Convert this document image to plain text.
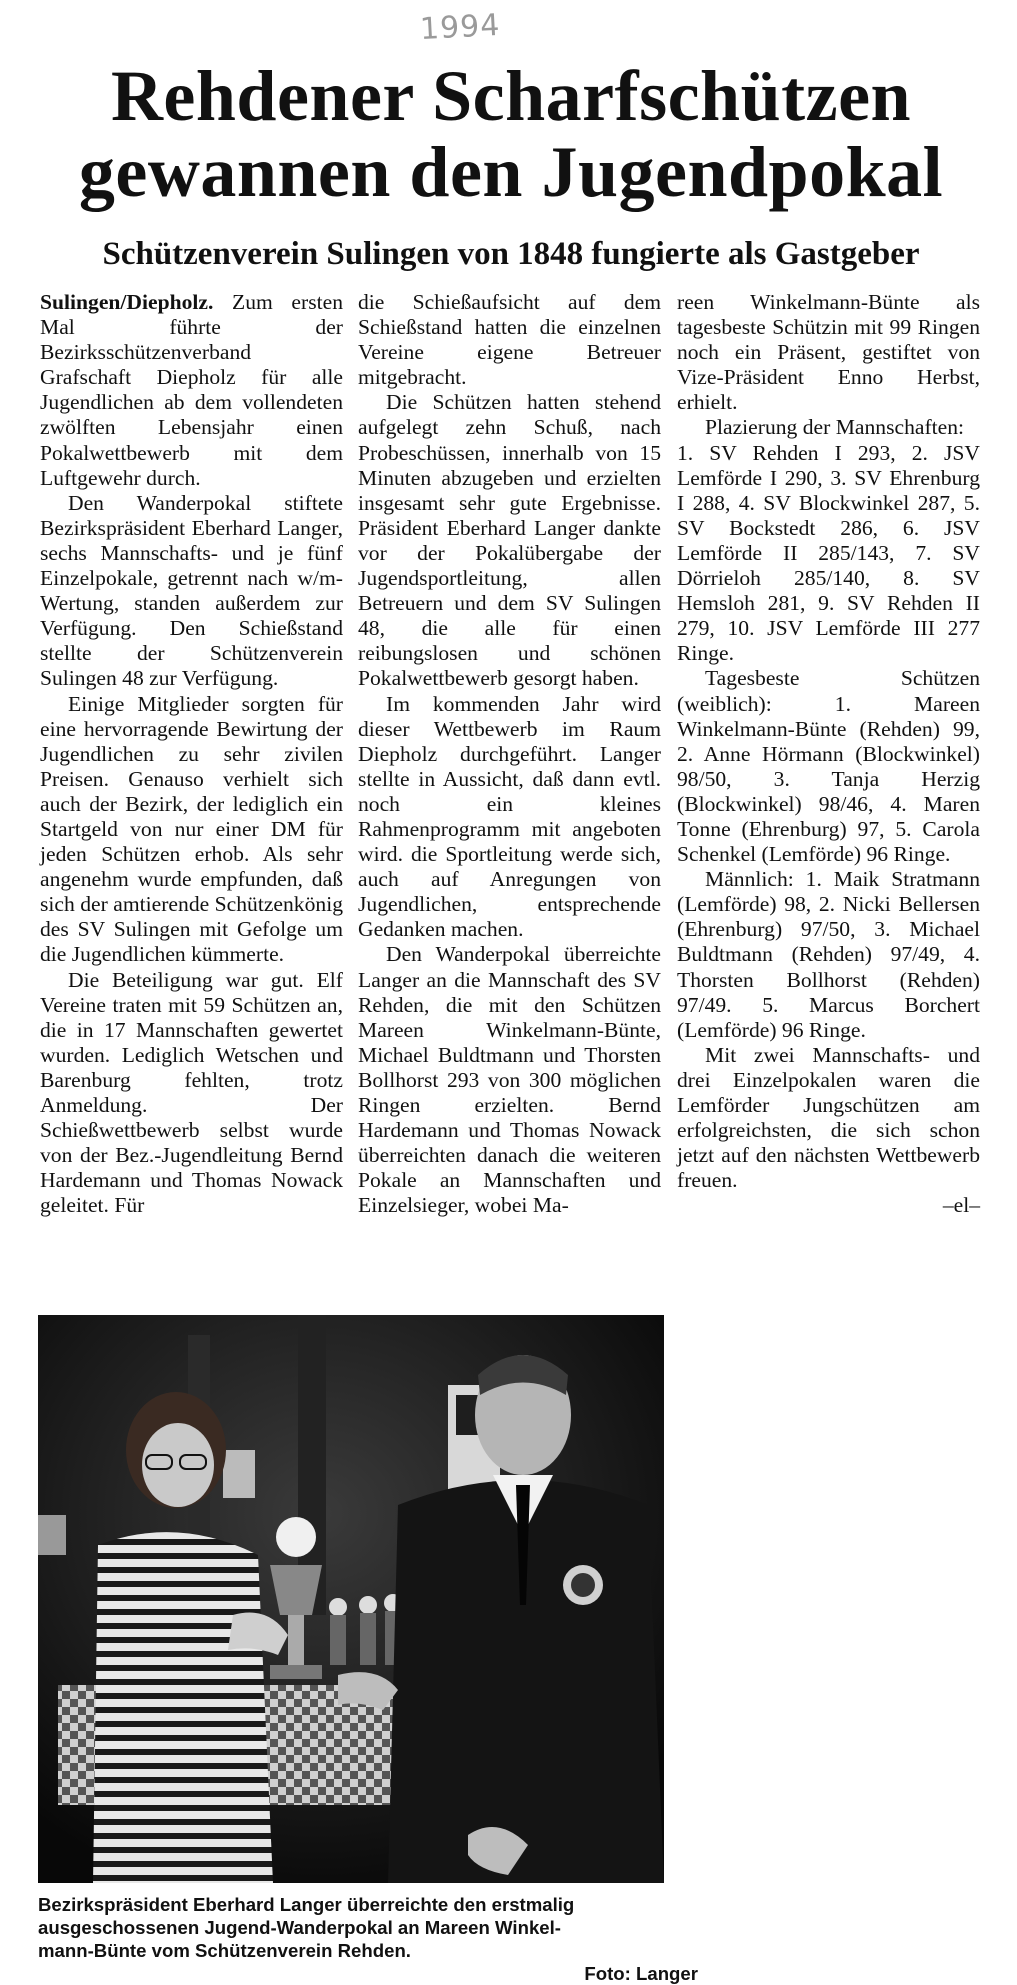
1994
Rehdener Scharfschützen
gewannen den Jugendpokal
Schützenverein Sulingen von 1848 fungierte als Gastgeber

Sulingen/Diepholz. Zum ersten Mal führte der Bezirksschützenverband Grafschaft Diepholz für alle Jugendlichen ab dem vollendeten zwölften Lebensjahr einen Pokalwettbewerb mit dem Luftgewehr durch.

Den Wanderpokal stiftete Bezirkspräsident Eberhard Langer, sechs Mannschafts- und je fünf Einzelpokale, getrennt nach w/m-Wertung, standen außerdem zur Verfügung. Den Schießstand stellte der Schützenverein Sulingen 48 zur Verfügung.

Einige Mitglieder sorgten für eine hervorragende Bewirtung der Jugendlichen zu sehr zivilen Preisen. Genauso verhielt sich auch der Bezirk, der lediglich ein Startgeld von nur einer DM für jeden Schützen erhob. Als sehr angenehm wurde empfunden, daß sich der amtierende Schützenkönig des SV Sulingen mit Gefolge um die Jugendlichen kümmerte.

Die Beteiligung war gut. Elf Vereine traten mit 59 Schützen an, die in 17 Mannschaften gewertet wurden. Lediglich Wetschen und Barenburg fehlten, trotz Anmeldung. Der Schießwettbewerb selbst wurde von der Bez.-Jugendleitung Bernd Hardemann und Thomas Nowack geleitet. Für

die Schießaufsicht auf dem Schießstand hatten die einzelnen Vereine eigene Betreuer mitgebracht.

Die Schützen hatten stehend aufgelegt zehn Schuß, nach Probeschüssen, innerhalb von 15 Minuten abzugeben und erzielten insgesamt sehr gute Ergebnisse. Präsident Eberhard Langer dankte vor der Pokalübergabe der Jugendsportleitung, allen Betreuern und dem SV Sulingen 48, die alle für einen reibungslosen und schönen Pokalwettbewerb gesorgt haben.

Im kommenden Jahr wird dieser Wettbewerb im Raum Diepholz durchgeführt. Langer stellte in Aussicht, daß dann evtl. noch ein kleines Rahmenprogramm mit angeboten wird. die Sportleitung werde sich, auch auf Anregungen von Jugendlichen, entsprechende Gedanken machen.

Den Wanderpokal überreichte Langer an die Mannschaft des SV Rehden, die mit den Schützen Mareen Winkelmann-Bünte, Michael Buldtmann und Thorsten Bollhorst 293 von 300 möglichen Ringen erzielten. Bernd Hardemann und Thomas Nowack überreichten danach die weiteren Pokale an Mannschaften und Einzelsieger, wobei Ma-

reen Winkelmann-Bünte als tagesbeste Schützin mit 99 Ringen noch ein Präsent, gestiftet von Vize-Präsident Enno Herbst, erhielt.

Plazierung der Mannschaften:

1. SV Rehden I 293, 2. JSV Lemförde I 290, 3. SV Ehrenburg I 288, 4. SV Blockwinkel 287, 5. SV Bockstedt 286, 6. JSV Lemförde II 285/143, 7. SV Dörrieloh 285/140, 8. SV Hemsloh 281, 9. SV Rehden II 279, 10. JSV Lemförde III 277 Ringe.

Tagesbeste Schützen (weiblich): 1. Mareen Winkelmann-Bünte (Rehden) 99, 2. Anne Hörmann (Blockwinkel) 98/50, 3. Tanja Herzig (Blockwinkel) 98/46, 4. Maren Tonne (Ehrenburg) 97, 5. Carola Schenkel (Lemförde) 96 Ringe.

Männlich: 1. Maik Stratmann (Lemförde) 98, 2. Nicki Bellersen (Ehrenburg) 97/50, 3. Michael Buldtmann (Rehden) 97/49, 4. Thorsten Bollhorst (Rehden) 97/49. 5. Marcus Borchert (Lemförde) 96 Ringe.

Mit zwei Mannschafts- und drei Einzelpokalen waren die Lemförder Jungschützen am erfolgreichsten, die sich schon jetzt auf den nächsten Wettbewerb freuen.

–el–

Bezirkspräsident Eberhard Langer überreichte den erstmalig
ausgeschossenen Jugend-Wanderpokal an Mareen Winkel-
mann-Bünte vom Schützenverein Rehden.
Foto: Langer
